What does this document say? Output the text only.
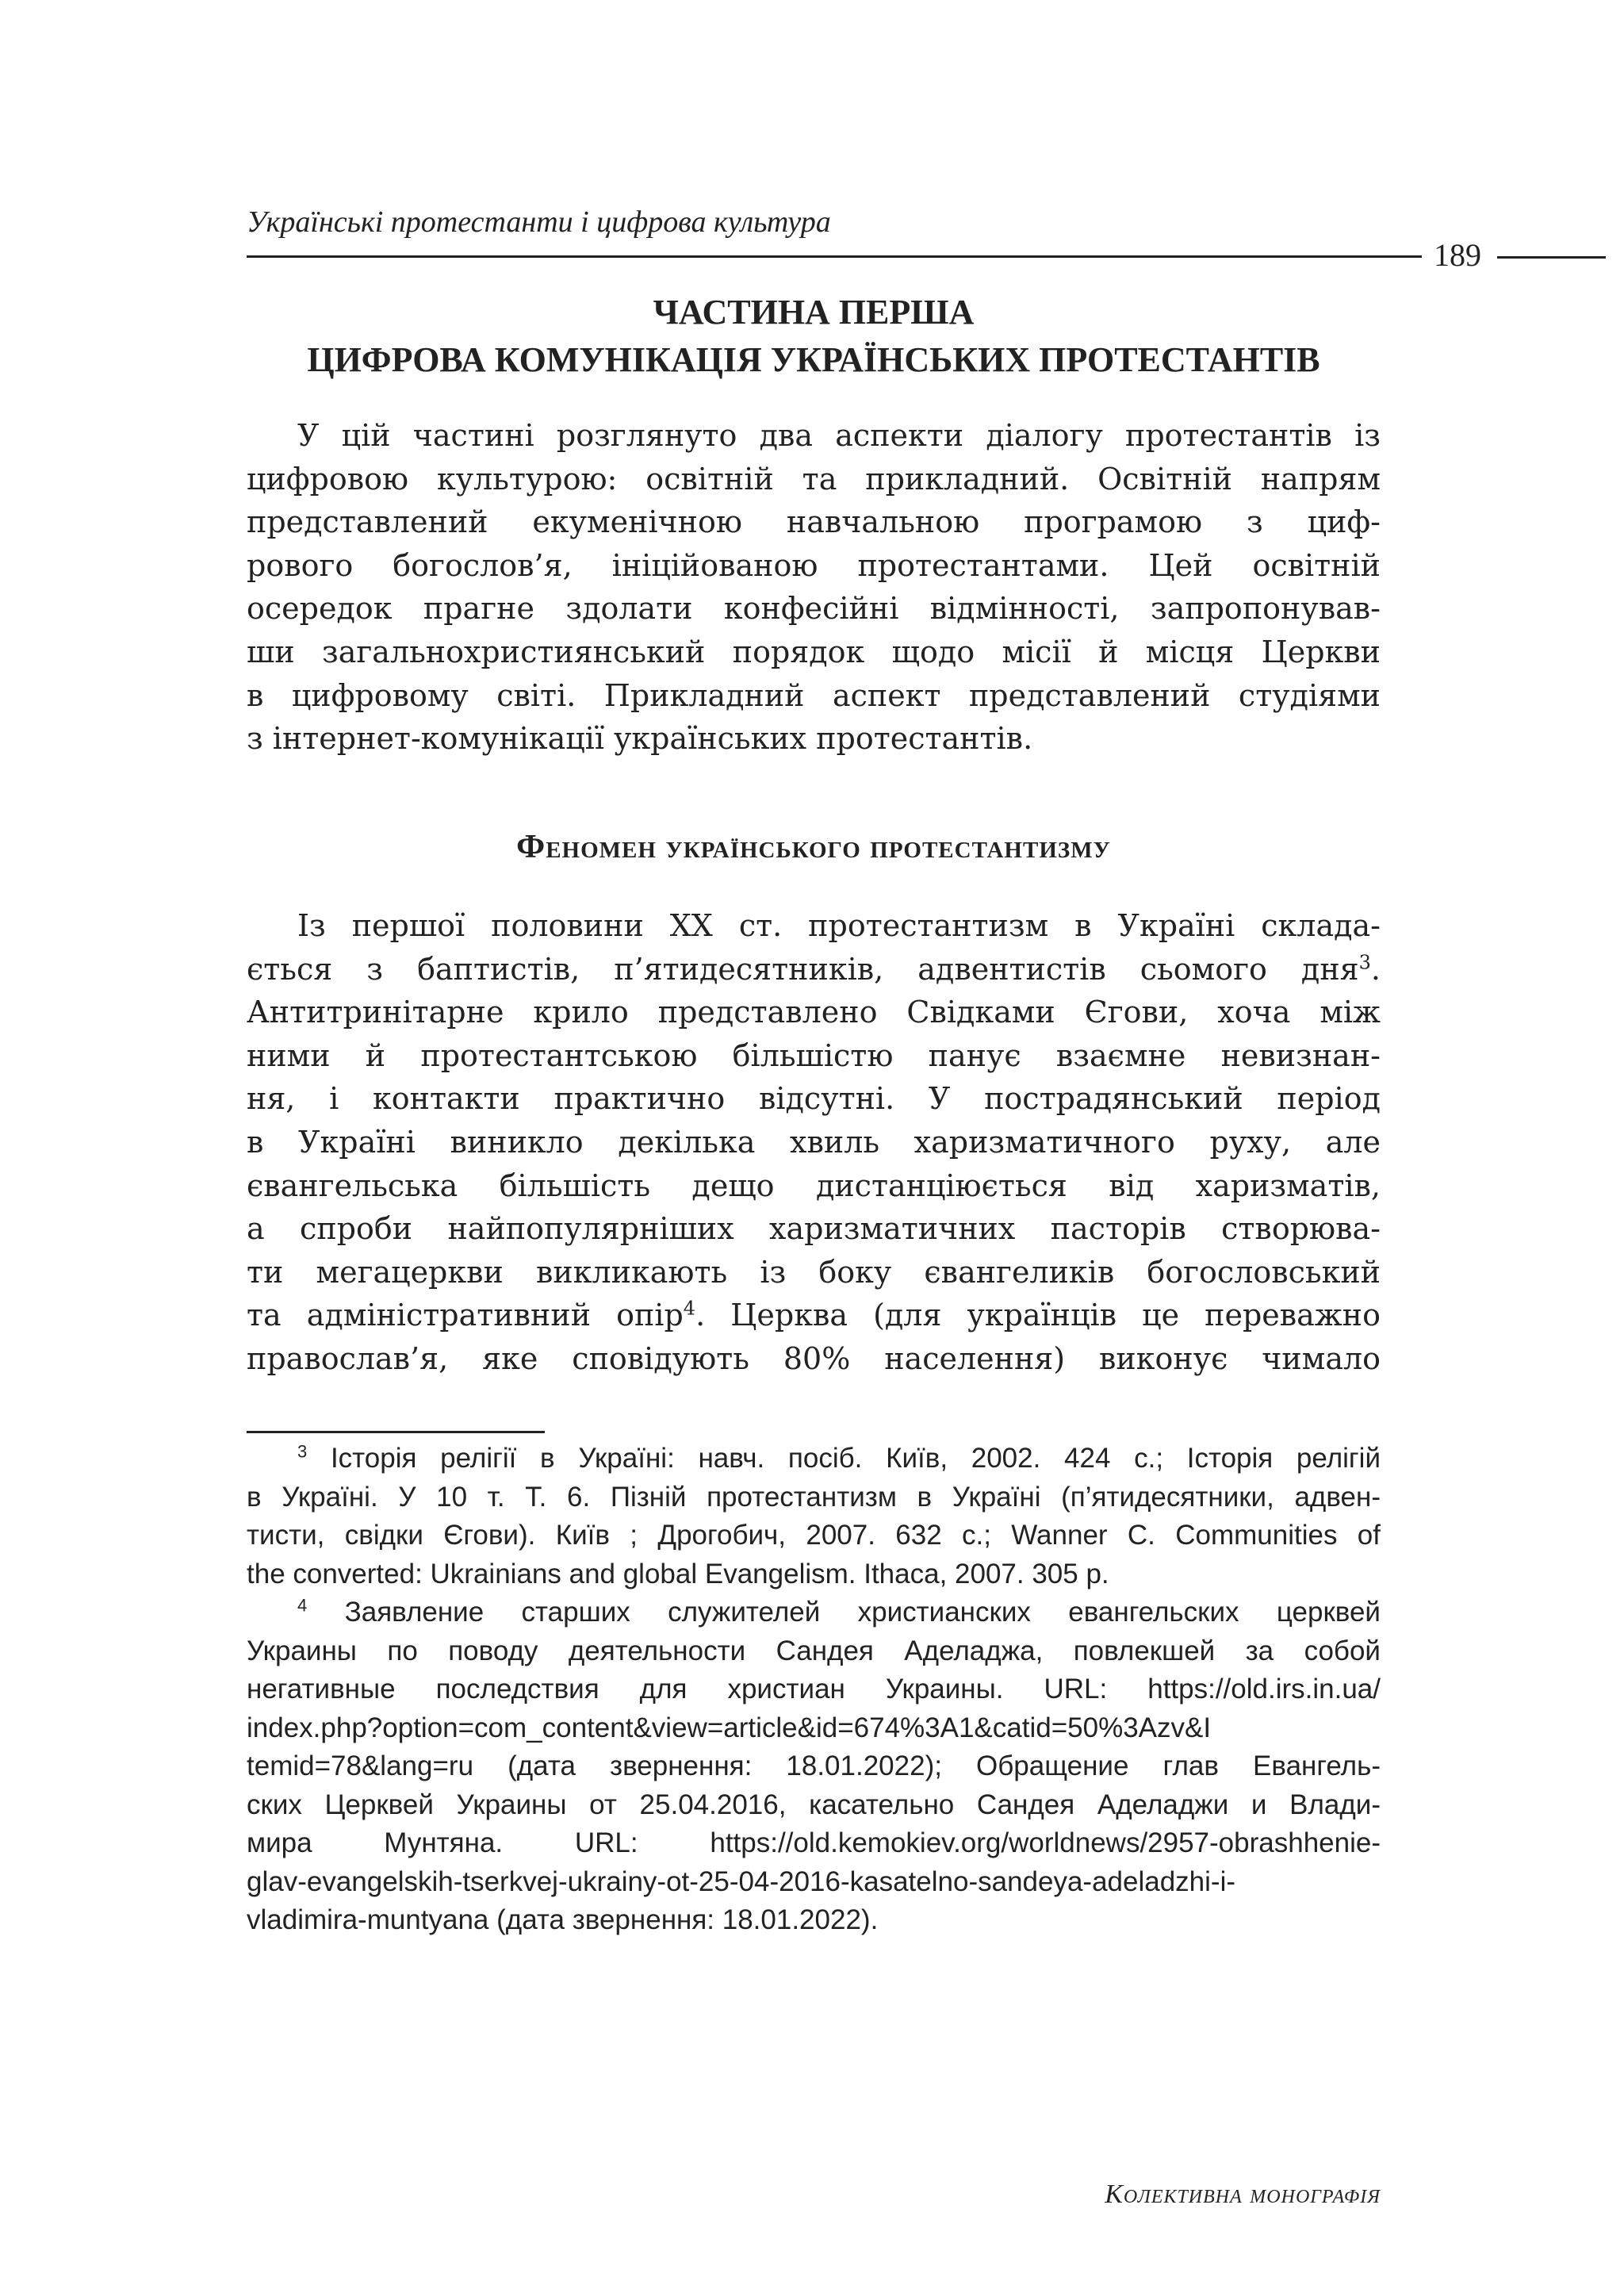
Українські протестанти і цифрова культура
189
ЧАСТИНА ПЕРША
ЦИФРОВА КОМУНІКАЦІЯ УКРАЇНСЬКИХ ПРОТЕСТАНТІВ
У цій частині розглянуто два аспекти діалогу протестантів із
цифровою культурою: освітній та прикладний. Освітній напрям
представлений екуменічною навчальною програмою з циф-
рового богослов’я, ініційованою протестантами. Цей освітній
осередок прагне здолати конфесійні відмінності, запропонував-
ши загальнохристиянський порядок щодо місії й місця Церкви
в цифровому світі. Прикладний аспект представлений студіями
з інтернет-комунікації українських протестантів.
Феномен українського протестантизму
Із першої половини ХХ ст. протестантизм в Україні склада-
ється з баптистів, п’ятидесятників, адвентистів сьомого дня$^3$.
Антитринітарне крило представлено Свідками Єгови, хоча між
ними й протестантською більшістю панує взаємне невизнан-
ня, і контакти практично відсутні. У пострадянський період
в Україні виникло декілька хвиль харизматичного руху, але
євангельська більшість дещо дистанціюється від харизматів,
а спроби найпопулярніших харизматичних пасторів створюва-
ти мегацеркви викликають із боку євангеликів богословський
та адміністративний опір$^4$. Церква (для українців це переважно
православ’я, яке сповідують 80% населення) виконує чимало
$^3$ Історія релігії в Україні: навч. посіб. Київ, 2002. 424 с.; Історія релігій
в Україні. У 10 т. Т. 6. Пізній протестантизм в Україні (п’ятидесятники, адвен-
тисти, свідки Єгови). Київ ; Дрогобич, 2007. 632 с.; Wanner C. Communities of
the converted: Ukrainians and global Evangelism. Ithaca, 2007. 305 p.
$^4$ Заявление старших служителей христианских евангельских церквей
Украины по поводу деятельности Сандея Аделаджа, повлекшей за собой
негативные последствия для христиан Украины. URL: https://old.irs.in.ua/
index.php?option=com_content&view=article&id=674%3A1&catid=50%3Azv&I
temid=78&lang=ru (дата звернення: 18.01.2022); Обращение глав Евангель-
ских Церквей Украины от 25.04.2016, касательно Сандея Аделаджи и Влади-
мира Мунтяна. URL: https://old.kemokiev.org/worldnews/2957-obrashhenie-
glav-evangelskih-tserkvej-ukrainy-ot-25-04-2016-kasatelno-sandeya-adeladzhi-i-
vladimira-muntyana (дата звернення: 18.01.2022).
Колективна монографія
